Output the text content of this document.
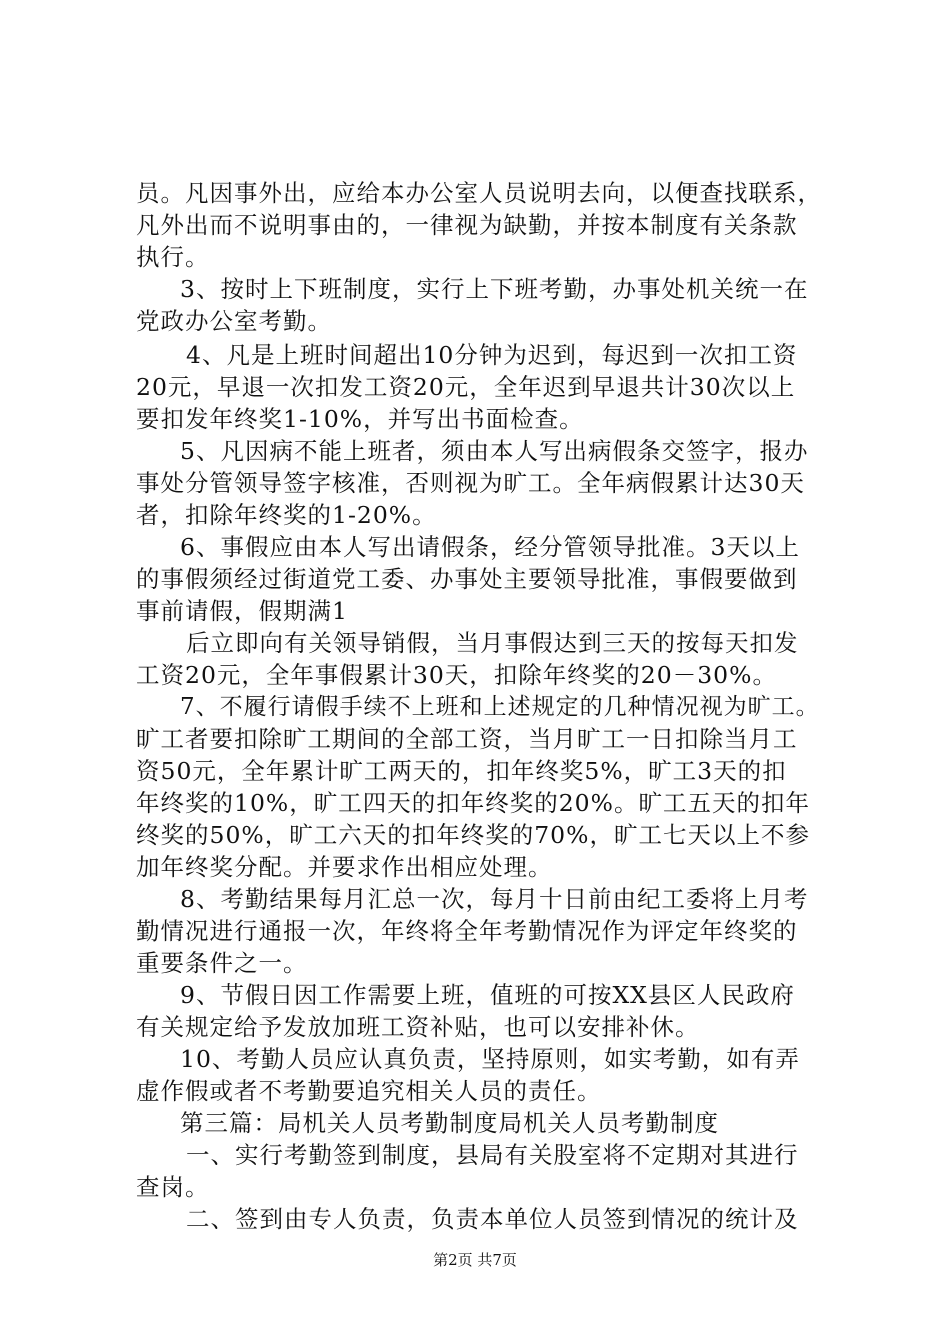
员。凡因事外出，应给本办公室人员说明去向，以便查找联系，
凡外出而不说明事由的，一律视为缺勤，并按本制度有关条款
执行。
3、按时上下班制度，实行上下班考勤，办事处机关统一在
党政办公室考勤。
4、凡是上班时间超出10分钟为迟到，每迟到一次扣工资
20元，早退一次扣发工资20元，全年迟到早退共计30次以上
要扣发年终奖1-10%，并写出书面检查。
5、凡因病不能上班者，须由本人写出病假条交签字，报办
事处分管领导签字核准，否则视为旷工。全年病假累计达30天
者，扣除年终奖的1-20%。
6、事假应由本人写出请假条，经分管领导批准。3天以上
的事假须经过街道党工委、办事处主要领导批准，事假要做到
事前请假，假期满1
后立即向有关领导销假，当月事假达到三天的按每天扣发
工资20元，全年事假累计30天，扣除年终奖的20－30%。
7、不履行请假手续不上班和上述规定的几种情况视为旷工。
旷工者要扣除旷工期间的全部工资，当月旷工一日扣除当月工
资50元，全年累计旷工两天的，扣年终奖5%，旷工3天的扣
年终奖的10%，旷工四天的扣年终奖的20%。旷工五天的扣年
终奖的50%，旷工六天的扣年终奖的70%，旷工七天以上不参
加年终奖分配。并要求作出相应处理。
8、考勤结果每月汇总一次，每月十日前由纪工委将上月考
勤情况进行通报一次，年终将全年考勤情况作为评定年终奖的
重要条件之一。
9、节假日因工作需要上班，值班的可按XX县区人民政府
有关规定给予发放加班工资补贴，也可以安排补休。
10、考勤人员应认真负责，坚持原则，如实考勤，如有弄
虚作假或者不考勤要追究相关人员的责任。
第三篇：局机关人员考勤制度局机关人员考勤制度
一、实行考勤签到制度，县局有关股室将不定期对其进行
查岗。
二、签到由专人负责，负责本单位人员签到情况的统计及
第2页 共7页
